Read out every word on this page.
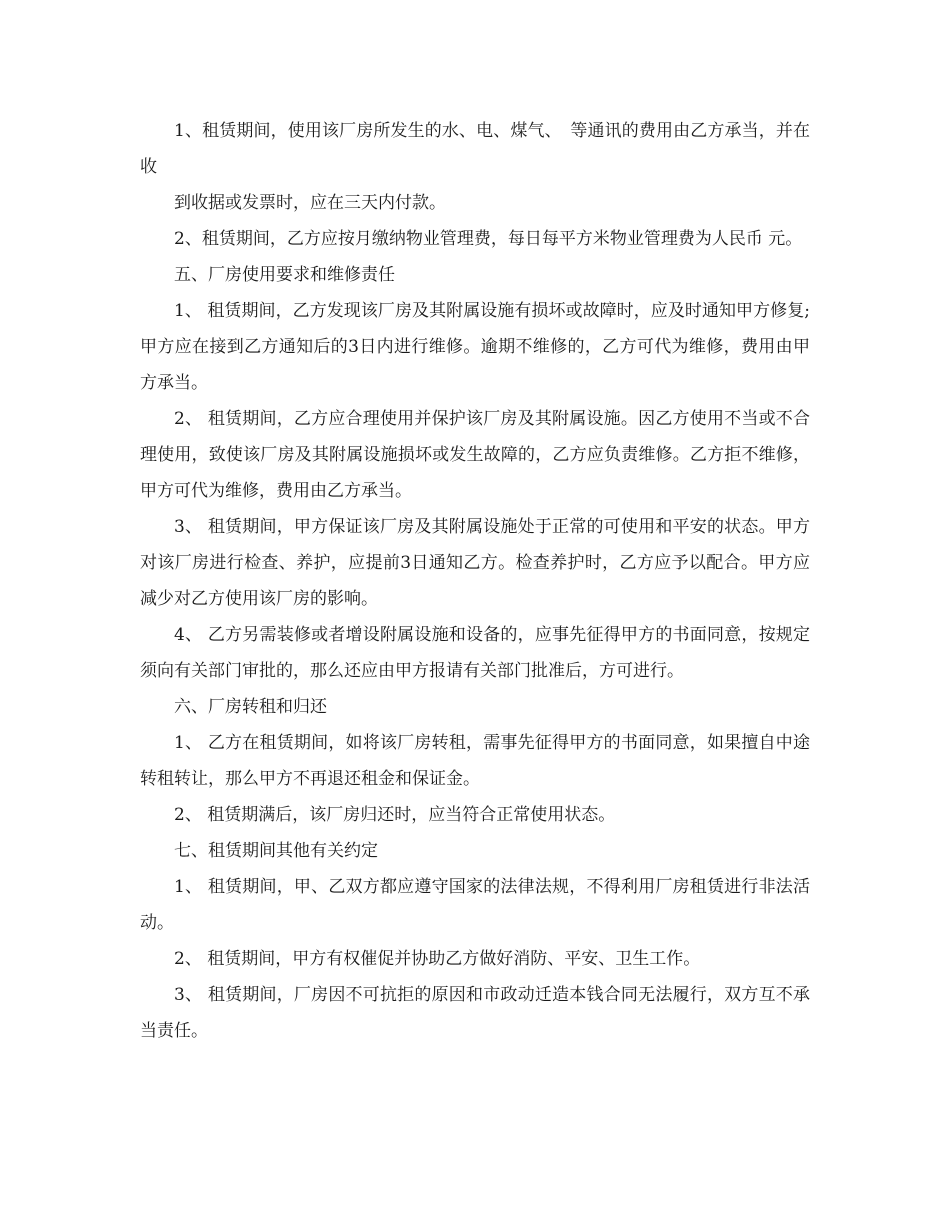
1、租赁期间，使用该厂房所发生的水、电、煤气、　等通讯的费用由乙方承当，并在收

到收据或发票时，应在三天内付款。

2、租赁期间，乙方应按月缴纳物业管理费，每日每平方米物业管理费为人民币 元。

五、厂房使用要求和维修责任

1、 租赁期间，乙方发现该厂房及其附属设施有损坏或故障时，应及时通知甲方修复;甲方应在接到乙方通知后的3日内进行维修。逾期不维修的，乙方可代为维修，费用由甲方承当。

2、 租赁期间，乙方应合理使用并保护该厂房及其附属设施。因乙方使用不当或不合理使用，致使该厂房及其附属设施损坏或发生故障的，乙方应负责维修。乙方拒不维修，甲方可代为维修，费用由乙方承当。

3、 租赁期间，甲方保证该厂房及其附属设施处于正常的可使用和平安的状态。甲方对该厂房进行检查、养护，应提前3日通知乙方。检查养护时，乙方应予以配合。甲方应减少对乙方使用该厂房的影响。

4、 乙方另需装修或者增设附属设施和设备的，应事先征得甲方的书面同意，按规定须向有关部门审批的，那么还应由甲方报请有关部门批准后，方可进行。

六、厂房转租和归还

1、 乙方在租赁期间，如将该厂房转租，需事先征得甲方的书面同意，如果擅自中途转租转让，那么甲方不再退还租金和保证金。

2、 租赁期满后，该厂房归还时，应当符合正常使用状态。

七、租赁期间其他有关约定

1、 租赁期间，甲、乙双方都应遵守国家的法律法规，不得利用厂房租赁进行非法活动。

2、 租赁期间，甲方有权催促并协助乙方做好消防、平安、卫生工作。

3、 租赁期间，厂房因不可抗拒的原因和市政动迁造本钱合同无法履行，双方互不承当责任。
